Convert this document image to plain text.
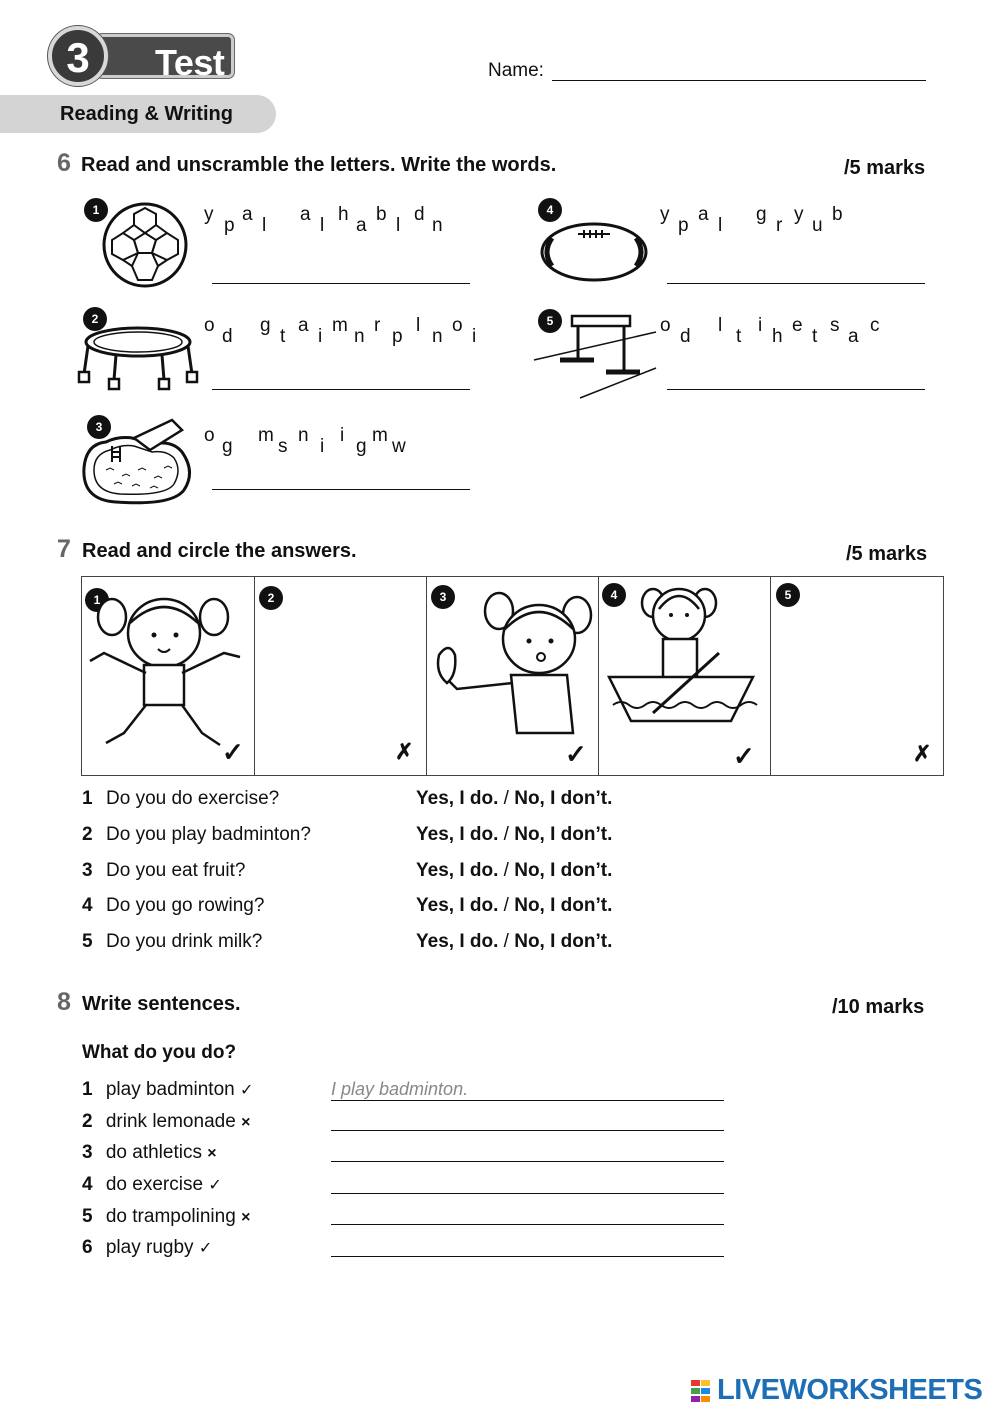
Test
3	Name:
Reading & Writing
6 Read and unscramble the letters. Write the words.	/5 marks
1	y
p
a
l
a
l
h
a
b
l
d
n
4	y
p
a
l
g
r
y
u
b
2	o
d
g
t
a
i
m
n
r
p
l
n
o
i
5	o
d
l
t
i
h
e
t
s
a
c
3	o
g
m
s
n
i
i
g
m
w
7 Read and circle the answers.	/5 marks
1
✓
2
✗
3
✓
4
✓
5
✗
1 Do you do exercise?	Yes, I do. / No, I don’t.
2 Do you play badminton?	Yes, I do. / No, I don’t.
3 Do you eat fruit?	Yes, I do. / No, I don’t.
4 Do you go rowing?	Yes, I do. / No, I don’t.
5 Do you drink milk?	Yes, I do. / No, I don’t.
8 Write sentences.	/10 marks
What do you do?
1 play badminton ✓	I play badminton.
2 drink lemonade ×
3 do athletics ×
4 do exercise ✓
5 do trampolining ×
6 play rugby ✓
LIVEWORKSHEETS
